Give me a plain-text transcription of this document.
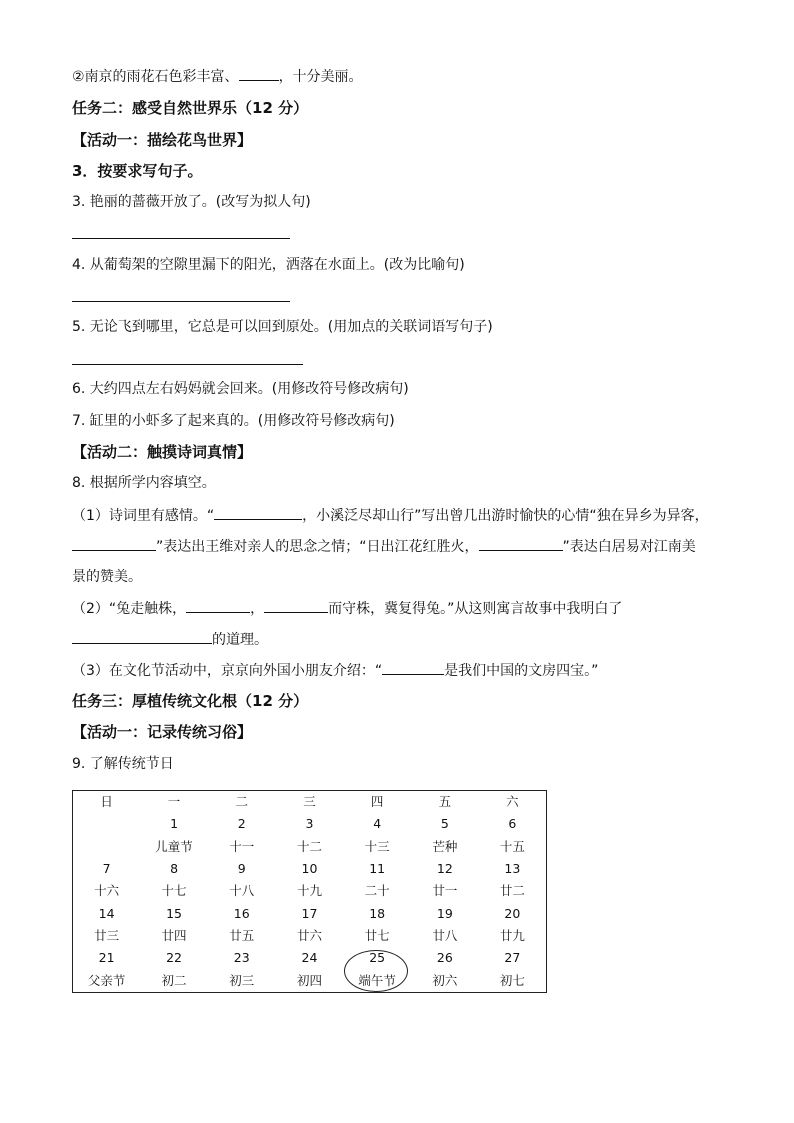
②南京的雨花石色彩丰富、	，十分美丽。
任务二：感受自然世界乐（12 分）
【活动一：描绘花鸟世界】
3．按要求写句子。
3. 艳丽的蔷薇开放了。(改写为拟人句)
4. 从葡萄架的空隙里漏下的阳光，洒落在水面上。(改为比喻句)
5. 无论飞到哪里，它总是可以回到原处。(用加点的关联词语写句子)
6. 大约四点左右妈妈就会回来。(用修改符号修改病句)
7. 缸里的小虾多了起来真的。(用修改符号修改病句)
【活动二：触摸诗词真情】
8. 根据所学内容填空。
（1）诗词里有感情。“	，小溪泛尽却山行”写出曾几出游时愉快的心情“独在异乡为异客，
”表达出王维对亲人的思念之情；“日出江花红胜火，	”表达白居易对江南美
景的赞美。
（2）“兔走触株，	，	而守株，冀复得兔。”从这则寓言故事中我明白了
的道理。
（3）在文化节活动中，京京向外国小朋友介绍：“	是我们中国的文房四宝。”
任务三：厚植传统文化根（12 分）
【活动一：记录传统习俗】
9. 了解传统节日
日	一	二	三	四	五	六
	1	2	3	4	5	6
	儿童节	十一	十二	十三	芒种	十五
7	8	9	10	11	12	13
十六	十七	十八	十九	二十	廿一	廿二
14	15	16	17	18	19	20
廿三	廿四	廿五	廿六	廿七	廿八	廿九
21	22	23	24	25	26	27
父亲节	初二	初三	初四	端午节	初六	初七
